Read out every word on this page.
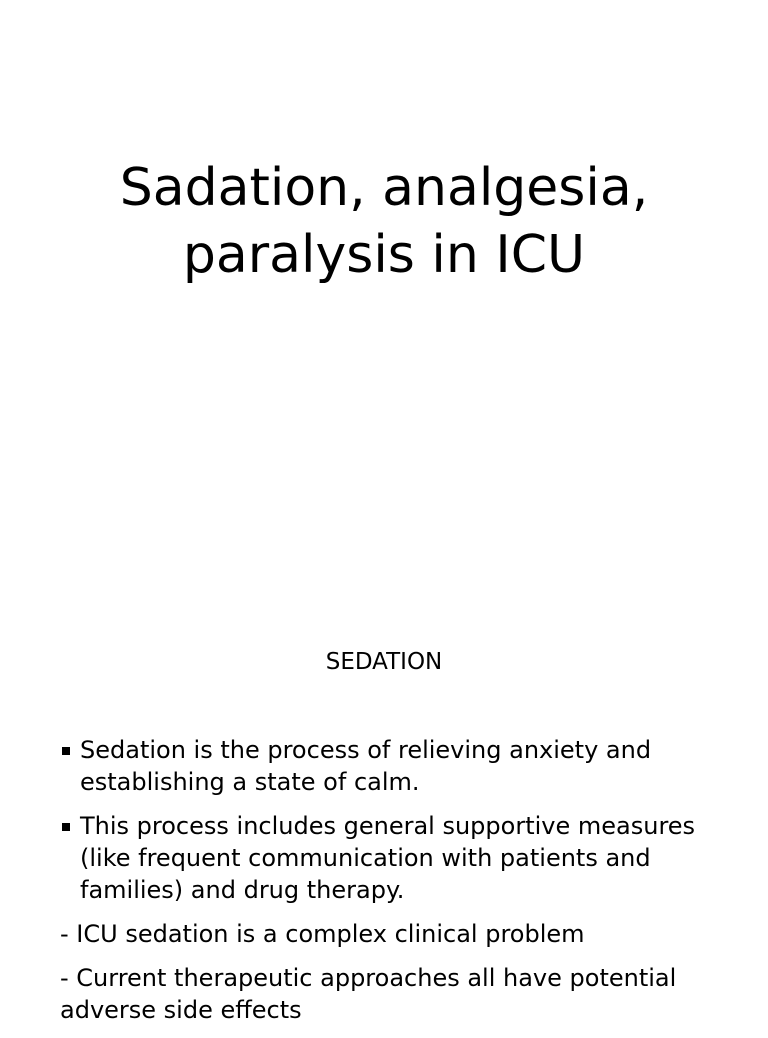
Sadation, analgesia,
paralysis in ICU
SEDATION
Sedation is the process of relieving anxiety and
establishing a state of calm.
This process includes general supportive measures
(like frequent communication with patients and
families) and drug therapy.
- ICU sedation is a complex clinical problem
- Current therapeutic approaches all have potential
adverse side effects
